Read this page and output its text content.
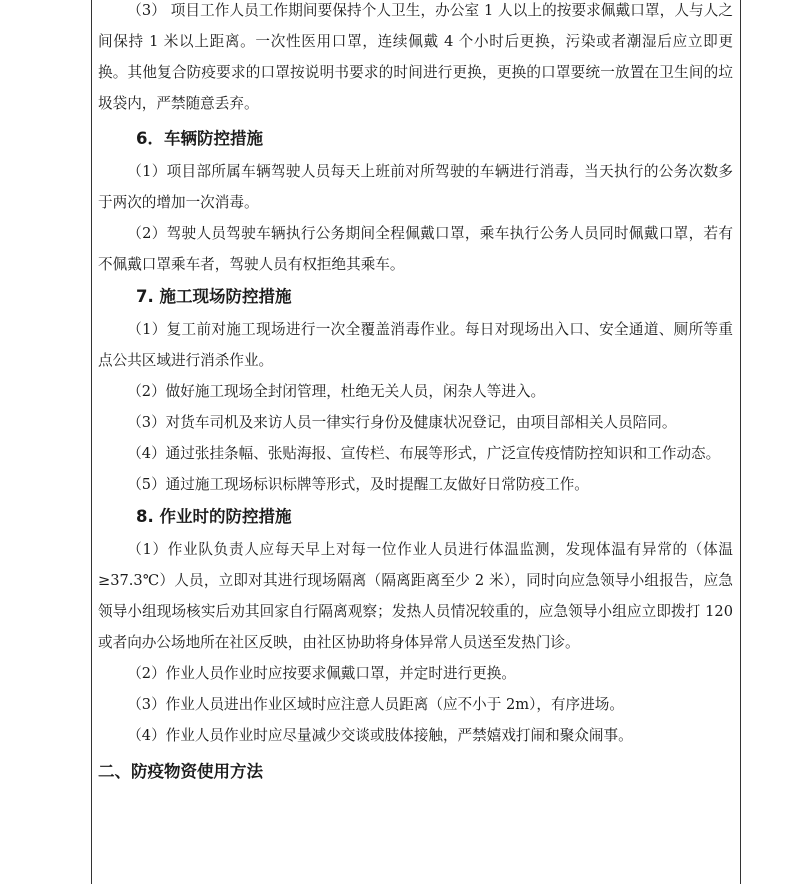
（3） 项目工作人员工作期间要保持个人卫生，办公室 1 人以上的按要求佩戴口罩，人与人之间保持 1 米以上距离。一次性医用口罩，连续佩戴 4 个小时后更换，污染或者潮湿后应立即更换。其他复合防疫要求的口罩按说明书要求的时间进行更换，更换的口罩要统一放置在卫生间的垃圾袋内，严禁随意丢弃。

6．车辆防控措施

（1）项目部所属车辆驾驶人员每天上班前对所驾驶的车辆进行消毒，当天执行的公务次数多于两次的增加一次消毒。

（2）驾驶人员驾驶车辆执行公务期间全程佩戴口罩，乘车执行公务人员同时佩戴口罩，若有不佩戴口罩乘车者，驾驶人员有权拒绝其乘车。

7. 施工现场防控措施

（1）复工前对施工现场进行一次全覆盖消毒作业。每日对现场出入口、安全通道、厕所等重点公共区域进行消杀作业。

（2）做好施工现场全封闭管理，杜绝无关人员，闲杂人等进入。

（3）对货车司机及来访人员一律实行身份及健康状况登记，由项目部相关人员陪同。

（4）通过张挂条幅、张贴海报、宣传栏、布展等形式，广泛宣传疫情防控知识和工作动态。

（5）通过施工现场标识标牌等形式，及时提醒工友做好日常防疫工作。

8. 作业时的防控措施

（1）作业队负责人应每天早上对每一位作业人员进行体温监测，发现体温有异常的（体温≥37.3℃）人员，立即对其进行现场隔离（隔离距离至少 2 米），同时向应急领导小组报告，应急领导小组现场核实后劝其回家自行隔离观察；发热人员情况较重的，应急领导小组应立即拨打 120 或者向办公场地所在社区反映，由社区协助将身体异常人员送至发热门诊。

（2）作业人员作业时应按要求佩戴口罩，并定时进行更换。

（3）作业人员进出作业区域时应注意人员距离（应不小于 2m），有序进场。

（4）作业人员作业时应尽量减少交谈或肢体接触，严禁嬉戏打闹和聚众闹事。

二、防疫物资使用方法
